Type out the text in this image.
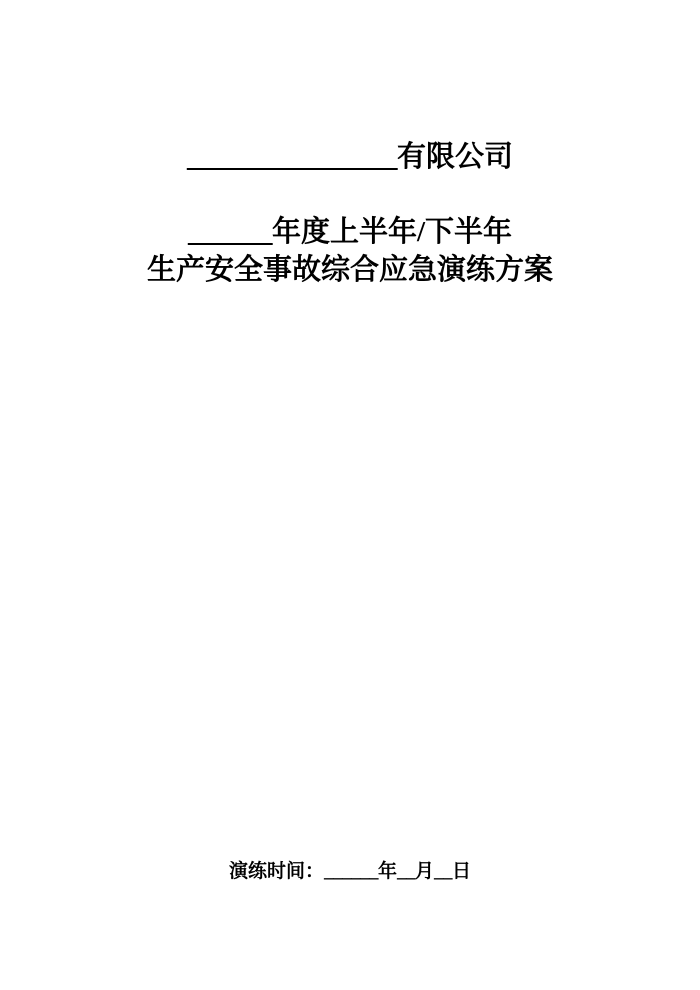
_______________有限公司

______年度上半年/下半年
生产安全事故综合应急演练方案

演练时间：______年__月__日
